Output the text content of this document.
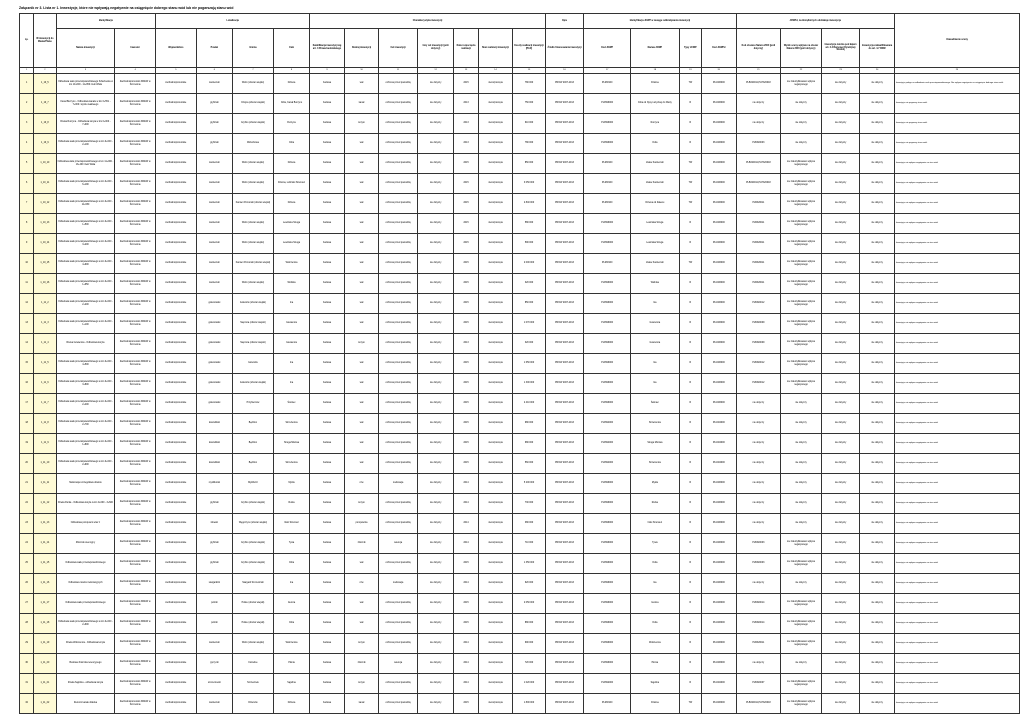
Załącznik nr 3. Lista nr 1. Inwestycje, które nie wpływają negatywnie na osiągnięcie dobrego stanu wód lub nie pogarszają stanu wód
Lp.	ID inwestycji do MasterPlanu	Identyfikacja		Lokalizacja				Charakterystyka inwestycji							Opis	Identyfikacja JCWP w zasięgu oddziaływania inwestycji				JCWPd, na którą/których oddziałuje inwestycja				Uzasadnienie oceny
		Nazwa inwestycji	Inwestor	Województwo	Powiat	Gmina	Ciek	Kwalifikacja inwestycji wg art. 3 Prawa budowlanego	Rodzaj inwestycji	Cel inwestycji	Inny cel inwestycji (jeśli dotyczy)	Data rozpoczęcia realizacji	Stan realizacji inwestycji	Koszty realizacji inwestycji [PLN]	Źródło finansowania inwestycji	Kod JCWP	Nazwa JCWP	Typy JCWP	Kod JCWPd	Kod obszaru Natura 2000 (jeśli dotyczy)	Wynik oceny wpływu na obszar Natura 2000 (jeśli dotyczy)	Inwestycja istotna pod kątem art. 4.4 Ramowej Dyrektywy Wodnej	Inwestycja zakwalifikowana do art. 4.7 RDW	
1	2	3	4	5	6	7	8	9	10	11	12	13	14	15	16	17	18	19	20	21	22	23	24	25
1	1_10_5	Odbudowa wału przeciwpowodziowego Szlachecka w km 10+600 - 11+950 rzeki Wisła	Zachodniopomorski ZMiUW w Szczecinie	zachodniopomorskie	kamieński	Wolin (obszar wiejski)	Dziwna	budowa	wał	ochrona przed powodzią	nie dotyczy	2015	nierozpoczęta	780 000	PROW 2007-2013	PLRW100	Dziwna	TW	PLGW6000	PLB320011,PLH320018	nie zidentyfikowano wpływu negatywnego	nie dotyczy	nie dotyczy	Inwestycja polega na odbudowie wału przeciwpowodziowego. Nie wpływa negatywnie na osiągnięcie dobrego stanu wód.
2	1_10_7	Kanał Burzyno - Odbudowa kanału w km 0+551 - 7+000 i wylotu wałowego	Zachodniopomorski ZMiUW w Szczecinie	zachodniopomorskie	gryfiński	Chojna (obszar wiejski)	Odra, Kanał Burzyno	budowa	kanał	ochrona przed powodzią	nie dotyczy	2013	nierozpoczęta	750 000	PROW 2007-2013	PLRW6000	Odra od Nysy Łużyckiej do Warty	R	PLGW6000	nie dotyczy	nie dotyczy	nie dotyczy	nie dotyczy	Inwestycja nie pogorszy stanu wód.
3	1_10_8	Rzeka Rurzyca - Odbudowa koryta w km 0+000 - 7+000	Zachodniopomorski ZMiUW w Szczecinie	zachodniopomorskie	gryfiński	Gryfino (obszar wiejski)	Rurzyca	budowa	koryto	ochrona przed powodzią	nie dotyczy	2013	nierozpoczęta	610 000	PROW 2007-2013	PLRW6000	Rurzyca	R	PLGW6000	nie dotyczy	nie dotyczy	nie dotyczy	nie dotyczy	Inwestycja nie pogorszy stanu wód.
4	1_10_9	Odbudowa wału przeciwpowodziowego w km 0+000 - 2+100	Zachodniopomorski ZMiUW w Szczecinie	zachodniopomorskie	gryfiński	Widuchowa	Odra	budowa	wał	ochrona przed powodzią	nie dotyczy	2013	nierozpoczęta	780 000	PROW 2007-2013	PLRW6000	Odra	R	PLGW6000	PLB320003	nie dotyczy	nie dotyczy	nie dotyczy	Inwestycja nie pogorszy stanu wód.
5	1_10_10	Odbudowa wału przeciwpowodziowego w km 11+000 - 13+400 rzeki Wisła	Zachodniopomorski ZMiUW w Szczecinie	zachodniopomorskie	kamieński	Wolin (obszar wiejski)	Dziwna	budowa	wał	ochrona przed powodzią	nie dotyczy	2015	nierozpoczęta	850 000	PROW 2007-2013	PLRW100	Zalew Kamieński	TW	PLGW6000	PLB320011,PLH320018	nie zidentyfikowano wpływu negatywnego	nie dotyczy	nie dotyczy	Inwestycja nie wpływa negatywnie na stan wód.
6	1_10_11	Odbudowa wału przeciwpowodziowego w km 0+000 - 6+190	Zachodniopomorski ZMiUW w Szczecinie	zachodniopomorskie	kamieński	Wolin (obszar wiejski)	Dziwna, Lubiński Strumień	budowa	wał	ochrona przed powodzią	nie dotyczy	2015	nierozpoczęta	3 050 000	PROW 2007-2013	PLRW100	Zalew Kamieński	TW	PLGW6000	PLB320011,PLH320018	nie zidentyfikowano wpływu negatywnego	nie dotyczy	nie dotyczy	Inwestycja nie wpływa negatywnie na stan wód.
7	1_10_12	Odbudowa wału przeciwpowodziowego w km 0+000 - 11+950	Zachodniopomorski ZMiUW w Szczecinie	zachodniopomorskie	kamieński	Kamień Pomorski (obszar wiejski)	Dziwna	budowa	wał	ochrona przed powodzią	nie dotyczy	2015	nierozpoczęta	2 840 000	PROW 2007-2013	PLRW100	Dziwna od Zalewu	TW	PLGW6000	PLB320011	nie zidentyfikowano wpływu negatywnego	nie dotyczy	nie dotyczy	Inwestycja nie wpływa negatywnie na stan wód.
8	1_10_13	Odbudowa wału przeciwpowodziowego w km 0+000 - 1+500	Zachodniopomorski ZMiUW w Szczecinie	zachodniopomorskie	kamieński	Wolin (obszar wiejski)	Lewińska Struga	budowa	wał	ochrona przed powodzią	nie dotyczy	2015	nierozpoczęta	580 000	PROW 2007-2013	PLRW6000	Lewińska Struga	R	PLGW6000	PLB320011	nie zidentyfikowano wpływu negatywnego	nie dotyczy	nie dotyczy	Inwestycja nie wpływa negatywnie na stan wód.
9	1_10_14	Odbudowa wału przeciwpowodziowego w km 0+000 - 3+200	Zachodniopomorski ZMiUW w Szczecinie	zachodniopomorskie	kamieński	Wolin (obszar wiejski)	Lewińska Struga	budowa	wał	ochrona przed powodzią	nie dotyczy	2015	nierozpoczęta	590 000	PROW 2007-2013	PLRW6000	Lewińska Struga	R	PLGW6000	PLB320011	nie zidentyfikowano wpływu negatywnego	nie dotyczy	nie dotyczy	Inwestycja nie wpływa negatywnie na stan wód.
10	1_10_15	Odbudowa wału przeciwpowodziowego w km 0+000 - 4+900	Zachodniopomorski ZMiUW w Szczecinie	zachodniopomorskie	kamieński	Kamień Pomorski (obszar wiejski)	Wołczenica	budowa	wał	ochrona przed powodzią	nie dotyczy	2015	nierozpoczęta	2 000 000	PROW 2007-2013	PLRW100	Zalew Kamieński	TW	PLGW6000	PLB320011	nie zidentyfikowano wpływu negatywnego	nie dotyczy	nie dotyczy	Inwestycja nie wpływa negatywnie na stan wód.
11	1_10_16	Odbudowa wału przeciwpowodziowego w km 0+000 - 1+650	Zachodniopomorski ZMiUW w Szczecinie	zachodniopomorskie	kamieński	Wolin (obszar wiejski)	Wolinka	budowa	wał	ochrona przed powodzią	nie dotyczy	2015	nierozpoczęta	320 000	PROW 2007-2013	PLRW6000	Wolinka	R	PLGW6000	PLB320011	nie zidentyfikowano wpływu negatywnego	nie dotyczy	nie dotyczy	Inwestycja nie wpływa negatywnie na stan wód.
12	1_11_2	Odbudowa wału przeciwpowodziowego w km 0+000 - 2+200	Zachodniopomorski ZMiUW w Szczecinie	zachodniopomorskie	goleniowski	Goleniów (obszar wiejski)	Ina	budowa	wał	ochrona przed powodzią	nie dotyczy	2015	nierozpoczęta	850 000	PROW 2007-2013	PLRW6000	Ina	R	PLGW6000	PLB320012	nie zidentyfikowano wpływu negatywnego	nie dotyczy	nie dotyczy	Inwestycja nie wpływa negatywnie na stan wód.
13	1_11_3	Odbudowa wału przeciwpowodziowego w km 0+000 - 1+100	Zachodniopomorski ZMiUW w Szczecinie	zachodniopomorskie	goleniowski	Stepnica (obszar wiejski)	Gowienica	budowa	wał	ochrona przed powodzią	nie dotyczy	2015	nierozpoczęta	1 070 000	PROW 2007-2013	PLRW6000	Gowienica	R	PLGW6000	PLB320009	nie zidentyfikowano wpływu negatywnego	nie dotyczy	nie dotyczy	Inwestycja nie wpływa negatywnie na stan wód.
14	1_11_4	Rzeka Gowienica - Odbudowa koryta	Zachodniopomorski ZMiUW w Szczecinie	zachodniopomorskie	goleniowski	Stepnica (obszar wiejski)	Gowienica	budowa	koryto	ochrona przed powodzią	nie dotyczy	2013	nierozpoczęta	320 000	PROW 2007-2013	PLRW6000	Gowienica	R	PLGW6000	PLB320009	nie zidentyfikowano wpływu negatywnego	nie dotyczy	nie dotyczy	Inwestycja nie wpływa negatywnie na stan wód.
15	1_11_5	Odbudowa wału przeciwpowodziowego w km 0+000 - 4+500	Zachodniopomorski ZMiUW w Szczecinie	zachodniopomorskie	goleniowski	Goleniów	Ina	budowa	wał	ochrona przed powodzią	nie dotyczy	2015	nierozpoczęta	1 650 000	PROW 2007-2013	PLRW6000	Ina	R	PLGW6000	PLB320012	nie zidentyfikowano wpływu negatywnego	nie dotyczy	nie dotyczy	Inwestycja nie wpływa negatywnie na stan wód.
16	1_11_6	Odbudowa wału przeciwpowodziowego w km 0+000 - 3+800	Zachodniopomorski ZMiUW w Szczecinie	zachodniopomorskie	goleniowski	Goleniów (obszar wiejski)	Ina	budowa	wał	ochrona przed powodzią	nie dotyczy	2015	nierozpoczęta	1 300 000	PROW 2007-2013	PLRW6000	Ina	R	PLGW6000	PLB320012	nie zidentyfikowano wpływu negatywnego	nie dotyczy	nie dotyczy	Inwestycja nie wpływa negatywnie na stan wód.
17	1_11_7	Odbudowa wału przeciwpowodziowego w km 0+000 - 2+400	Zachodniopomorski ZMiUW w Szczecinie	zachodniopomorskie	goleniowski	Przybiernów	Świniec	budowa	wał	ochrona przed powodzią	nie dotyczy	2015	nierozpoczęta	2 410 000	PROW 2007-2013	PLRW6000	Świniec	R	PLGW6000	nie dotyczy	nie dotyczy	nie dotyczy	nie dotyczy	Inwestycja nie wpływa negatywnie na stan wód.
18	1_11_8	Odbudowa wału przeciwpowodziowego w km 0+000 - 2+700	Zachodniopomorski ZMiUW w Szczecinie	zachodniopomorskie	koszaliński	Będzino	Strzeżenica	budowa	wał	ochrona przed powodzią	nie dotyczy	2015	nierozpoczęta	980 000	PROW 2007-2013	PLRW4000	Strzeżenica	R	PLGW4000	nie dotyczy	nie dotyczy	nie dotyczy	nie dotyczy	Inwestycja nie wpływa negatywnie na stan wód.
19	1_11_9	Odbudowa wału przeciwpowodziowego w km 0+000 - 1+800	Zachodniopomorski ZMiUW w Szczecinie	zachodniopomorskie	koszaliński	Będzino	Struga Mściwa	budowa	wał	ochrona przed powodzią	nie dotyczy	2015	nierozpoczęta	680 000	PROW 2007-2013	PLRW4000	Struga Mściwa	R	PLGW4000	nie dotyczy	nie dotyczy	nie dotyczy	nie dotyczy	Inwestycja nie wpływa negatywnie na stan wód.
20	1_11_10	Odbudowa wału przeciwpowodziowego w km 0+000 - 2+900	Zachodniopomorski ZMiUW w Szczecinie	zachodniopomorskie	koszaliński	Będzino	Strzeżenica	budowa	wał	ochrona przed powodzią	nie dotyczy	2015	nierozpoczęta	560 000	PROW 2007-2013	PLRW4000	Strzeżenica	R	PLGW4000	nie dotyczy	nie dotyczy	nie dotyczy	nie dotyczy	Inwestycja nie wpływa negatywnie na stan wód.
21	1_11_11	Melioracja szczegółowa obiektu	Zachodniopomorski ZMiUW w Szczecinie	zachodniopomorskie	myśliborski	Myślibórz	Myśla	budowa	rów	melioracja	nie dotyczy	2014	nierozpoczęta	5 200 000	PROW 2007-2013	PLRW6000	Myśla	R	PLGW6000	nie dotyczy	nie dotyczy	nie dotyczy	nie dotyczy	Inwestycja nie wpływa negatywnie na stan wód.
22	1_11_12	Rzeka Rurka - Odbudowa koryta w km 0+000 - 3+600	Zachodniopomorski ZMiUW w Szczecinie	zachodniopomorskie	gryfiński	Gryfino (obszar wiejski)	Rurka	budowa	koryto	ochrona przed powodzią	nie dotyczy	2014	nierozpoczęta	730 000	PROW 2007-2013	PLRW6000	Rurka	R	PLGW6000	nie dotyczy	nie dotyczy	nie dotyczy	nie dotyczy	Inwestycja nie wpływa negatywnie na stan wód.
23	1_11_13	Odbudowa pompowni wraz z	Zachodniopomorski ZMiUW w Szczecinie	zachodniopomorskie	łobeski	Węgorzyno (obszar wiejski)	Iński Strumień	budowa	pompownia	ochrona przed powodzią	nie dotyczy	2014	nierozpoczęta	380 000	PROW 2007-2013	PLRW6000	Iński Strumień	R	PLGW6000	nie dotyczy	nie dotyczy	nie dotyczy	nie dotyczy	Inwestycja nie wpływa negatywnie na stan wód.
24	1_11_14	Zbiornik retencyjny	Zachodniopomorski ZMiUW w Szczecinie	zachodniopomorskie	gryfiński	Gryfino (obszar wiejski)	Tywa	budowa	zbiornik	retencja	nie dotyczy	2014	nierozpoczęta	710 000	PROW 2007-2013	PLRW6000	Tywa	R	PLGW6000	PLB320003	nie zidentyfikowano wpływu negatywnego	nie dotyczy	nie dotyczy	Inwestycja nie wpływa negatywnie na stan wód.
25	1_11_15	Odbudowa wału przeciwpowodziowego	Zachodniopomorski ZMiUW w Szczecinie	zachodniopomorskie	gryfiński	Gryfino (obszar wiejski)	Odra	budowa	wał	ochrona przed powodzią	nie dotyczy	2015	nierozpoczęta	1 350 000	PROW 2007-2013	PLRW6000	Odra	R	PLGW6000	PLB320003	nie zidentyfikowano wpływu negatywnego	nie dotyczy	nie dotyczy	Inwestycja nie wpływa negatywnie na stan wód.
26	1_11_16	Odbudowa rowów melioracyjnych	Zachodniopomorski ZMiUW w Szczecinie	zachodniopomorskie	stargardzki	Stargard Szczeciński	Ina	budowa	rów	melioracja	nie dotyczy	2014	nierozpoczęta	620 000	PROW 2007-2013	PLRW6000	Ina	R	PLGW6000	nie dotyczy	nie dotyczy	nie dotyczy	nie dotyczy	Inwestycja nie wpływa negatywnie na stan wód.
27	1_11_17	Odbudowa wału przeciwpowodziowego	Zachodniopomorski ZMiUW w Szczecinie	zachodniopomorskie	policki	Police (obszar wiejski)	Gunica	budowa	wał	ochrona przed powodzią	nie dotyczy	2015	nierozpoczęta	2 050 000	PROW 2007-2013	PLRW6000	Gunica	R	PLGW6000	PLB320014	nie zidentyfikowano wpływu negatywnego	nie dotyczy	nie dotyczy	Inwestycja nie wpływa negatywnie na stan wód.
28	1_11_18	Odbudowa wału przeciwpowodziowego w km 0+000 - 2+600	Zachodniopomorski ZMiUW w Szczecinie	zachodniopomorskie	policki	Police (obszar wiejski)	Odra	budowa	wał	ochrona przed powodzią	nie dotyczy	2015	nierozpoczęta	880 000	PROW 2007-2013	PLRW6000	Odra	R	PLGW6000	PLB320014	nie zidentyfikowano wpływu negatywnego	nie dotyczy	nie dotyczy	Inwestycja nie wpływa negatywnie na stan wód.
29	1_11_19	Rzeka Wołczenica - Odbudowa koryta	Zachodniopomorski ZMiUW w Szczecinie	zachodniopomorskie	kamieński	Wolin (obszar wiejski)	Wołczenica	budowa	koryto	ochrona przed powodzią	nie dotyczy	2014	nierozpoczęta	690 000	PROW 2007-2013	PLRW6000	Wołczenica	R	PLGW6000	PLB320011	nie zidentyfikowano wpływu negatywnego	nie dotyczy	nie dotyczy	Inwestycja nie wpływa negatywnie na stan wód.
30	1_11_20	Budowa zbiornika retencyjnego	Zachodniopomorski ZMiUW w Szczecinie	zachodniopomorskie	pyrzycki	Kozielice	Płonia	budowa	zbiornik	retencja	nie dotyczy	2014	nierozpoczęta	720 000	PROW 2007-2013	PLRW6000	Płonia	R	PLGW6000	nie dotyczy	nie dotyczy	nie dotyczy	nie dotyczy	Inwestycja nie wpływa negatywnie na stan wód.
31	1_11_21	Rzeka Sąpólna - odbudowa koryta	Zachodniopomorski ZMiUW w Szczecinie	zachodniopomorskie	szczecinecki	Szczecinek	Sąpólna	budowa	koryto	ochrona przed powodzią	nie dotyczy	2014	nierozpoczęta	1 020 000	PROW 2007-2013	PLRW2000	Sąpólna	R	PLGW2000	PLB320007	nie zidentyfikowano wpływu negatywnego	nie dotyczy	nie dotyczy	Inwestycja nie wpływa negatywnie na stan wód.
32	1_11_22	Remont kanału Zatoka	Zachodniopomorski ZMiUW w Szczecinie	zachodniopomorskie	kamieński	Dziwnów	Dziwna	budowa	kanał	ochrona przed powodzią	nie dotyczy	2015	nierozpoczęta	1 800 000	PROW 2007-2013	PLRW100	Dziwna	TW	PLGW6000	PLB320011,PLH320018	nie zidentyfikowano wpływu negatywnego	nie dotyczy	nie dotyczy	Inwestycja nie wpływa negatywnie na stan wód.
